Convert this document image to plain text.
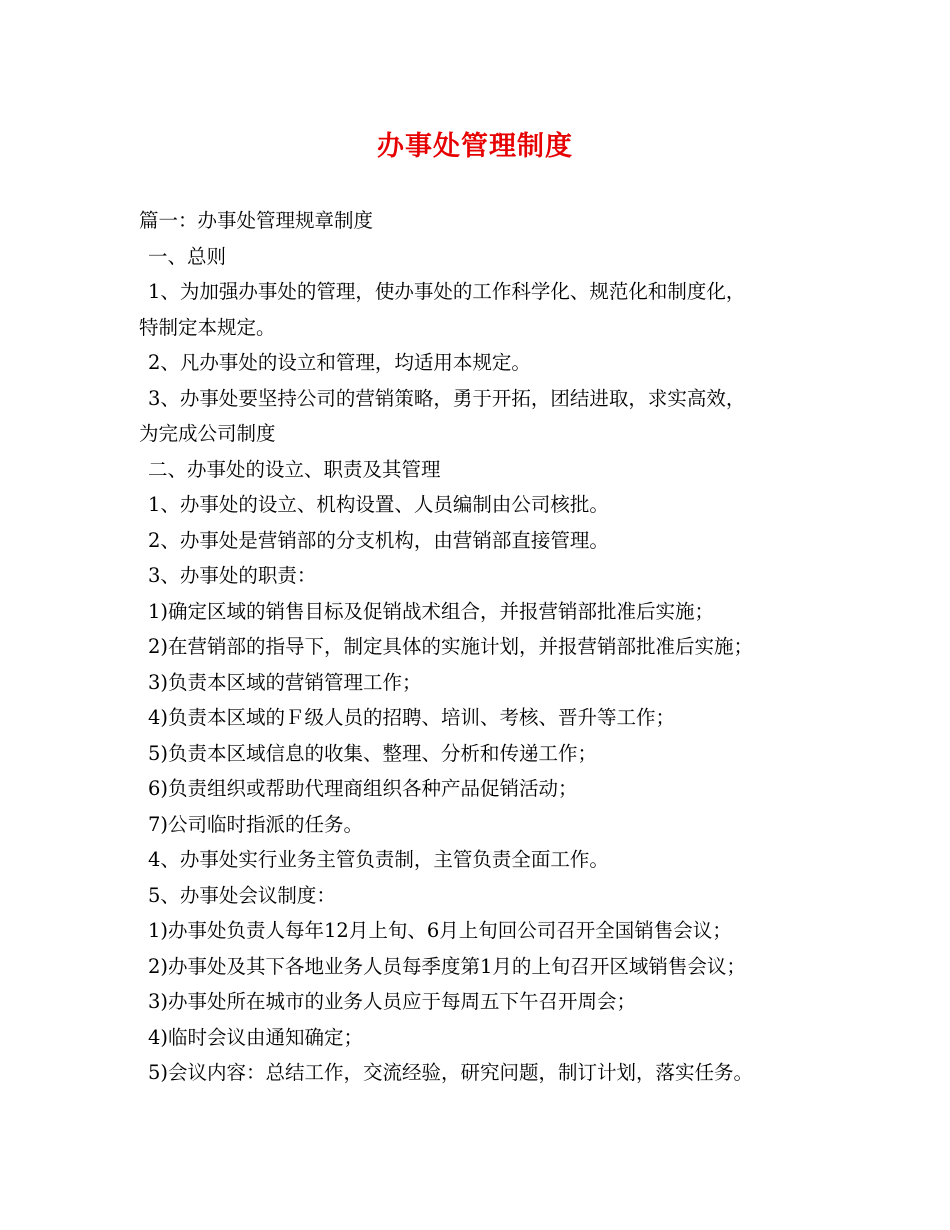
办事处管理制度
篇一：办事处管理规章制度
一、总则
1、为加强办事处的管理，使办事处的工作科学化、规范化和制度化，
特制定本规定。
2、凡办事处的设立和管理，均适用本规定。
3、办事处要坚持公司的营销策略，勇于开拓，团结进取，求实高效，
为完成公司制度
二、办事处的设立、职责及其管理
1、办事处的设立、机构设置、人员编制由公司核批。
2、办事处是营销部的分支机构，由营销部直接管理。
3、办事处的职责：
1)确定区域的销售目标及促销战术组合，并报营销部批准后实施；
2)在营销部的指导下，制定具体的实施计划，并报营销部批准后实施；
3)负责本区域的营销管理工作；
4)负责本区域的Ｆ级人员的招聘、培训、考核、晋升等工作；
5)负责本区域信息的收集、整理、分析和传递工作；
6)负责组织或帮助代理商组织各种产品促销活动；
7)公司临时指派的任务。
4、办事处实行业务主管负责制，主管负责全面工作。
5、办事处会议制度：
1)办事处负责人每年12月上旬、6月上旬回公司召开全国销售会议；
2)办事处及其下各地业务人员每季度第1月的上旬召开区域销售会议；
3)办事处所在城市的业务人员应于每周五下午召开周会；
4)临时会议由通知确定；
5)会议内容：总结工作，交流经验，研究问题，制订计划，落实任务。
